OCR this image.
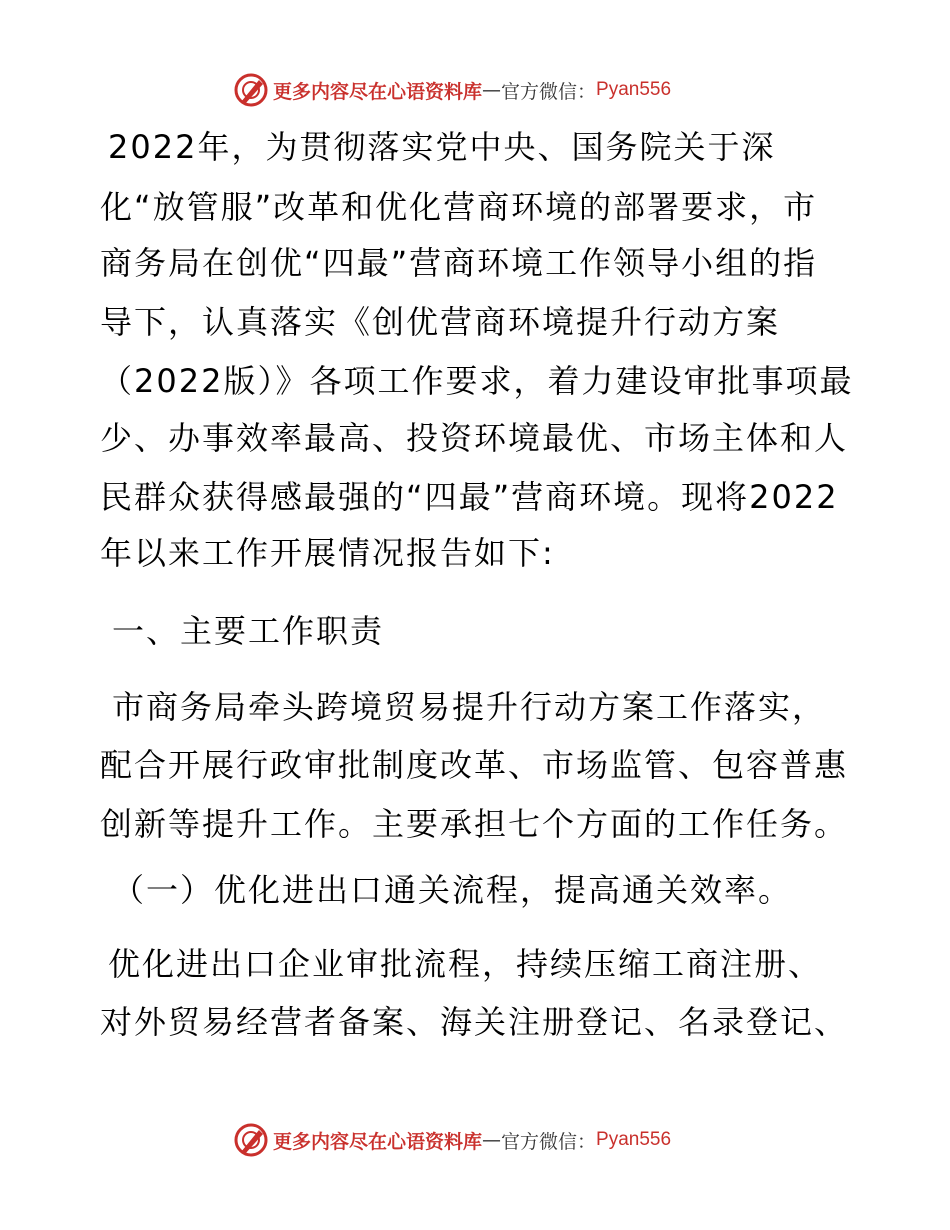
更多内容尽在心语资料库 — 官方微信： Pyan556
2022年，为贯彻落实党中央、国务院关于深
化“放管服”改革和优化营商环境的部署要求，市
商务局在创优“四最”营商环境工作领导小组的指
导下，认真落实《创优营商环境提升行动方案
（2022版）》各项工作要求，着力建设审批事项最
少、办事效率最高、投资环境最优、市场主体和人
民群众获得感最强的“四最”营商环境。现将2022
年以来工作开展情况报告如下:
一、主要工作职责
市商务局牵头跨境贸易提升行动方案工作落实，
配合开展行政审批制度改革、市场监管、包容普惠
创新等提升工作。主要承担七个方面的工作任务。
（一）优化进出口通关流程，提高通关效率。
优化进出口企业审批流程，持续压缩工商注册、
对外贸易经营者备案、海关注册登记、名录登记、
更多内容尽在心语资料库 — 官方微信： Pyan556
